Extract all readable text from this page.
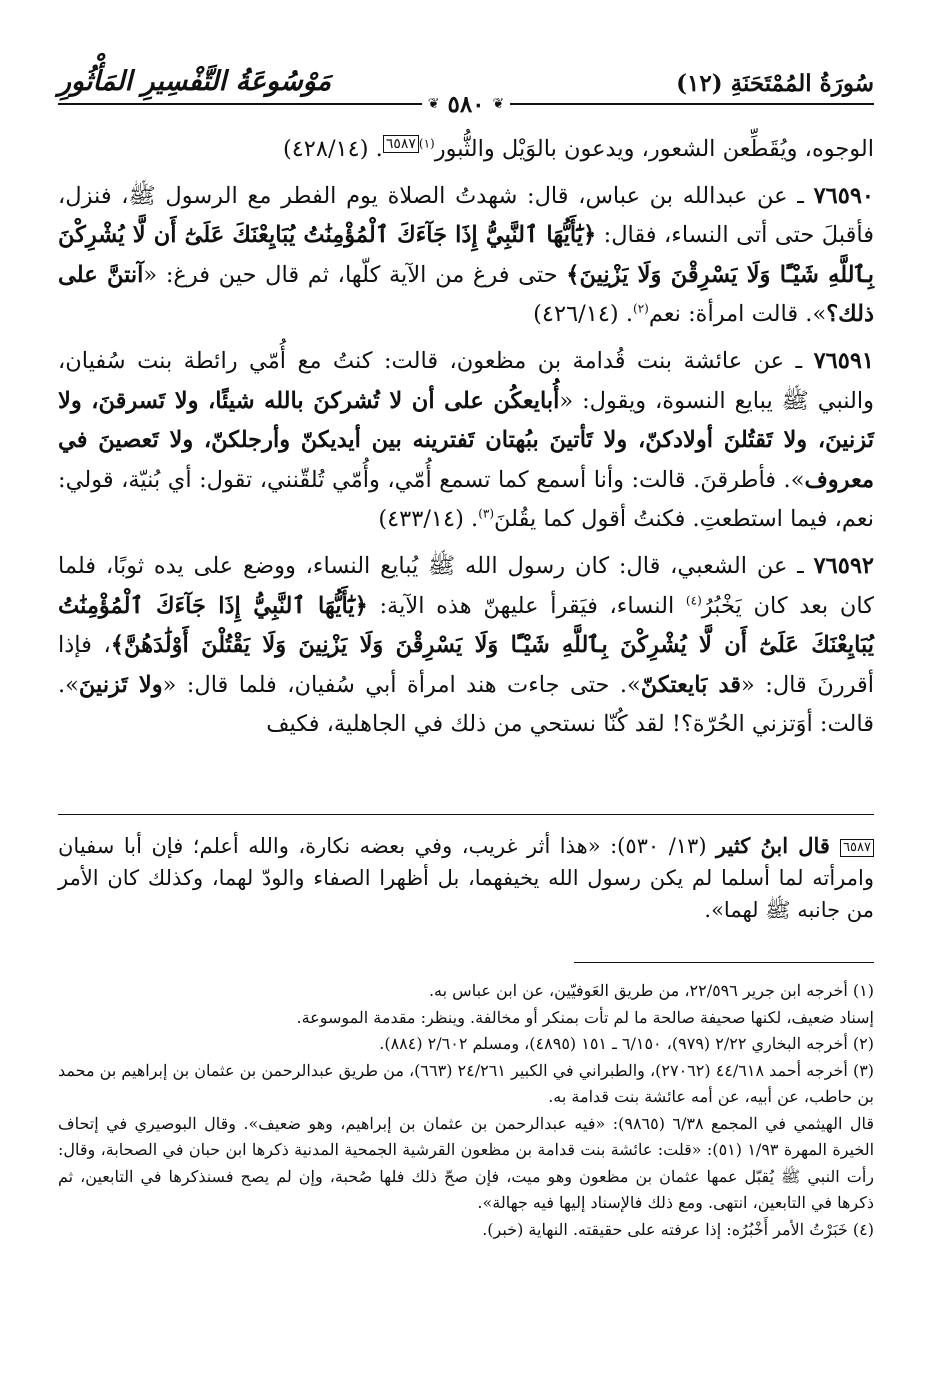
سُورَةُ المُمْتَحَنَةِ (١٢)
مَوْسُوعَةُ التَّفْسِيرِ المَأْثُورِ
❦ ٥٨٠ ❦

الوجوه، ويُقَطِّعن الشعور، ويدعون بالوَيْل والثُّبور$^{(١)}$٦٥٨٧. (٤٢٨/١٤)

٧٦٥٩٠ ـ عن عبدالله بن عباس، قال: شهدتُ الصلاة يوم الفطر مع الرسول ﷺ، فنزل، فأقبلَ حتى أتى النساء، فقال: ﴿يَٰٓأَيُّهَا ٱلنَّبِيُّ إِذَا جَآءَكَ ٱلْمُؤْمِنَٰتُ يُبَايِعْنَكَ عَلَىٰٓ أَن لَّا يُشْرِكْنَ بِٱللَّهِ شَيْـًٔا وَلَا يَسْرِقْنَ وَلَا يَزْنِينَ﴾ حتى فرغ من الآية كلّها، ثم قال حين فرغ: «آنتنَّ على ذلك؟». قالت امرأة: نعم$^{(٢)}$. (٤٢٦/١٤)

٧٦٥٩١ ـ عن عائشة بنت قُدامة بن مظعون، قالت: كنتُ مع أُمّي رائطة بنت سُفيان، والنبي ﷺ يبايع النسوة، ويقول: «أُبايعكُن على أن لا تُشركنَ بالله شيئًا، ولا تَسرقنَ، ولا تَزنينَ، ولا تَقتُلنَ أولادكنّ، ولا تَأتينَ ببُهتان تَفترينه بين أيديكنّ وأرجلكنّ، ولا تَعصينَ في معروف». فأطرقنَ. قالت: وأنا أسمع كما تسمع أُمّي، وأُمّي تُلقّنني، تقول: أي بُنيّة، قولي: نعم، فيما استطعتِ. فكنتُ أقول كما يقُلنَ$^{(٣)}$. (٤٣٣/١٤)

٧٦٥٩٢ ـ عن الشعبي، قال: كان رسول الله ﷺ يُبايع النساء، ووضع على يده ثوبًا، فلما كان بعد كان يَخْبُرُ$^{(٤)}$ النساء، فيَقرأ عليهنّ هذه الآية: ﴿يَٰٓأَيُّهَا ٱلنَّبِيُّ إِذَا جَآءَكَ ٱلْمُؤْمِنَٰتُ يُبَايِعْنَكَ عَلَىٰٓ أَن لَّا يُشْرِكْنَ بِٱللَّهِ شَيْـًٔا وَلَا يَسْرِقْنَ وَلَا يَزْنِينَ وَلَا يَقْتُلْنَ أَوْلَٰدَهُنَّ﴾، فإذا أقررنَ قال: «قد بَايعتكنّ». حتى جاءت هند امرأة أبي سُفيان، فلما قال: «ولا تَزنينَ». قالت: أوَتزني الحُرّة؟! لقد كُنّا نستحي من ذلك في الجاهلية، فكيف

٦٥٨٧ قال ابنُ كثير (١٣/ ٥٣٠): «هذا أثر غريب، وفي بعضه نكارة، والله أعلم؛ فإن أبا سفيان وامرأته لما أسلما لم يكن رسول الله يخيفهما، بل أظهرا الصفاء والودّ لهما، وكذلك كان الأمر من جانبه ﷺ لهما».

(١) أخرجه ابن جرير ٢٢/٥٩٦، من طريق العَوفيّين، عن ابن عباس به.

إسناد ضعيف، لكنها صحيفة صالحة ما لم تأت بمنكر أو مخالفة. وينظر: مقدمة الموسوعة.

(٢) أخرجه البخاري ٢/٢٢ (٩٧٩)، ٦/١٥٠ ـ ١٥١ (٤٨٩٥)، ومسلم ٢/٦٠٢ (٨٨٤).

(٣) أخرجه أحمد ٤٤/٦١٨ (٢٧٠٦٢)، والطبراني في الكبير ٢٤/٢٦١ (٦٦٣)، من طريق عبدالرحمن بن عثمان بن إبراهيم بن محمد بن حاطب، عن أبيه، عن أمه عائشة بنت قدامة به.

قال الهيثمي في المجمع ٦/٣٨ (٩٨٦٥): «فيه عبدالرحمن بن عثمان بن إبراهيم، وهو ضعيف». وقال البوصيري في إتحاف الخيرة المهرة ١/٩٣ (٥١): «قلت: عائشة بنت قدامة بن مظعون القرشية الجمحية المدنية ذكرها ابن حبان في الصحابة، وقال: رأت النبي ﷺ يُقبّل عمها عثمان بن مظعون وهو ميت، فإن صحّ ذلك فلها صُحبة، وإن لم يصح فسنذكرها في التابعين، ثم ذكرها في التابعين، انتهى. ومع ذلك فالإسناد إليها فيه جهالة».

(٤) خَبَرْتُ الأمر أَخْبُرُه: إذا عرفته على حقيقته. النهاية (خبر).
